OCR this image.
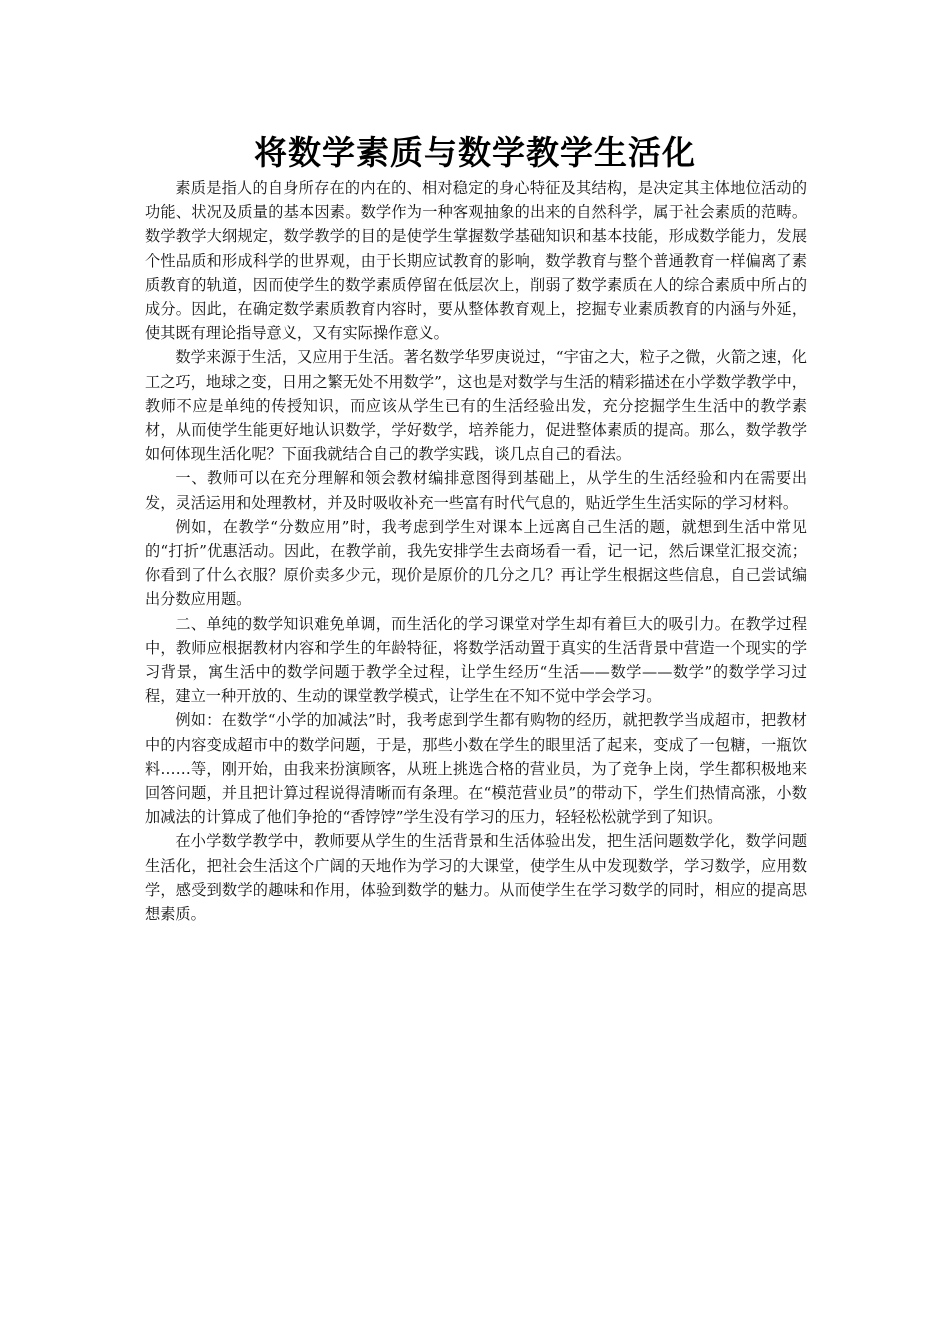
将数学素质与数学教学生活化

素质是指人的自身所存在的内在的、相对稳定的身心特征及其结构，是决定其主体地位活动的功能、状况及质量的基本因素。数学作为一种客观抽象的出来的自然科学，属于社会素质的范畴。数学教学大纲规定，数学教学的目的是使学生掌握数学基础知识和基本技能，形成数学能力，发展个性品质和形成科学的世界观，由于长期应试教育的影响，数学教育与整个普通教育一样偏离了素质教育的轨道，因而使学生的数学素质停留在低层次上，削弱了数学素质在人的综合素质中所占的成分。因此，在确定数学素质教育内容时，要从整体教育观上，挖掘专业素质教育的内涵与外延，使其既有理论指导意义，又有实际操作意义。

数学来源于生活，又应用于生活。著名数学华罗庚说过，“宇宙之大，粒子之微，火箭之速，化工之巧，地球之变，日用之繁无处不用数学”，这也是对数学与生活的精彩描述在小学数学教学中，教师不应是单纯的传授知识，而应该从学生已有的生活经验出发，充分挖掘学生生活中的教学素材，从而使学生能更好地认识数学，学好数学，培养能力，促进整体素质的提高。那么，数学教学如何体现生活化呢？下面我就结合自己的教学实践，谈几点自己的看法。

一、教师可以在充分理解和领会教材编排意图得到基础上，从学生的生活经验和内在需要出发，灵活运用和处理教材，并及时吸收补充一些富有时代气息的，贴近学生生活实际的学习材料。

例如，在教学“分数应用”时，我考虑到学生对课本上远离自己生活的题，就想到生活中常见的“打折”优惠活动。因此，在教学前，我先安排学生去商场看一看，记一记，然后课堂汇报交流；你看到了什么衣服？原价卖多少元，现价是原价的几分之几？再让学生根据这些信息，自己尝试编出分数应用题。

二、单纯的数学知识难免单调，而生活化的学习课堂对学生却有着巨大的吸引力。在教学过程中，教师应根据教材内容和学生的年龄特征，将数学活动置于真实的生活背景中营造一个现实的学习背景，寓生活中的数学问题于教学全过程，让学生经历“生活——数学——数学”的数学学习过程，建立一种开放的、生动的课堂教学模式，让学生在不知不觉中学会学习。

例如：在数学“小学的加减法”时，我考虑到学生都有购物的经历，就把教学当成超市，把教材中的内容变成超市中的数学问题，于是，那些小数在学生的眼里活了起来，变成了一包糖，一瓶饮料……等，刚开始，由我来扮演顾客，从班上挑选合格的营业员，为了竞争上岗，学生都积极地来回答问题，并且把计算过程说得清晰而有条理。在“模范营业员”的带动下，学生们热情高涨，小数加减法的计算成了他们争抢的“香饽饽”学生没有学习的压力，轻轻松松就学到了知识。

在小学数学教学中，教师要从学生的生活背景和生活体验出发，把生活问题数学化，数学问题生活化，把社会生活这个广阔的天地作为学习的大课堂，使学生从中发现数学，学习数学，应用数学，感受到数学的趣味和作用，体验到数学的魅力。从而使学生在学习数学的同时，相应的提高思想素质。
